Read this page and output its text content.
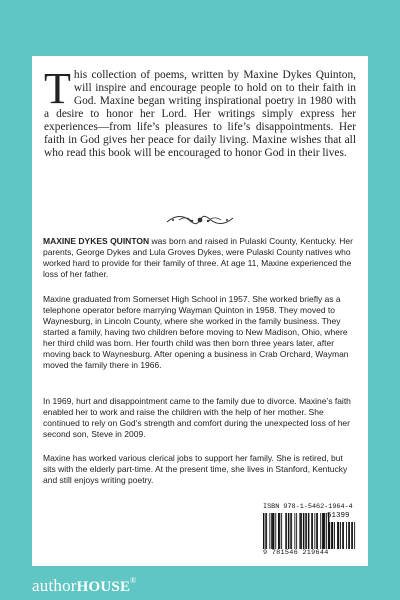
This collection of poems, written by Maxine Dykes Quinton, will inspire and encourage people to hold on to their faith in God. Maxine began writing inspirational poetry in 1980 with a desire to honor her Lord. Her writings simply express her experiences—from life’s pleasures to life’s disappointments. Her faith in God gives her peace for daily living. Maxine wishes that all who read this book will be encouraged to honor God in their lives.

MAXINE DYKES QUINTON was born and raised in Pulaski County, Kentucky. Her parents, George Dykes and Lula Groves Dykes, were Pulaski County natives who worked hard to provide for their family of three. At age 11, Maxine experienced the loss of her father.

Maxine graduated from Somerset High School in 1957. She worked briefly as a telephone operator before marrying Wayman Quinton in 1958. They moved to Waynesburg, in Lincoln County, where she worked in the family business. They started a family, having two children before moving to New Madison, Ohio, where her third child was born. Her fourth child was then born three years later, after moving back to Waynesburg. After opening a business in Crab Orchard, Wayman moved the family there in 1966.

In 1969, hurt and disappointment came to the family due to divorce. Maxine’s faith enabled her to work and raise the children with the help of her mother. She continued to rely on God’s strength and comfort during the unexpected loss of her second son, Steve in 2009.

Maxine has worked various clerical jobs to support her family. She is retired, but sits with the elderly part-time. At the present time, she lives in Stanford, Kentucky and still enjoys writing poetry.

ISBN 978-1-5462-1964-4
51399
9 781546 219644
authorHOUSE®
